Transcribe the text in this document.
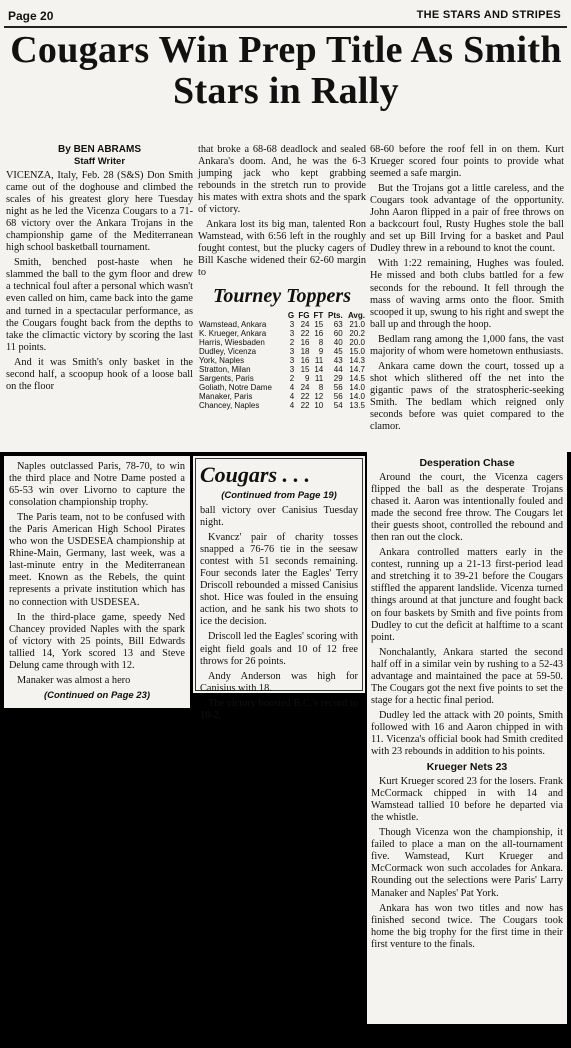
Page 20	THE STARS AND STRIPES
Cougars Win Prep Title As Smith Stars in Rally
By BEN ABRAMS
Staff Writer

VICENZA, Italy, Feb. 28 (S&S) Don Smith came out of the doghouse and climbed the scales of his greatest glory here Tuesday night as he led the Vicenza Cougars to a 71-68 victory over the Ankara Trojans in the championship game of the Mediterranean high school basketball tournament.

Smith, benched post-haste when he slammed the ball to the gym floor and drew a technical foul after a personal which wasn't even called on him, came back into the game and turned in a spectacular performance, as the Cougars fought back from the depths to take the climactic victory by scoring the last 11 points.

And it was Smith's only basket in the second half, a scoopup hook of a loose ball on the floor

that broke a 68-68 deadlock and sealed Ankara's doom. And, he was the 6-3 jumping jack who kept grabbing rebounds in the stretch run to provide his mates with extra shots and the spark of victory.

Ankara lost its big man, talented Ron Wamstead, with 6:56 left in the roughly fought contest, but the plucky cagers of Bill Kasche widened their 62-60 margin to

Tourney Toppers
	G	FG	FT	Pts.	Avg.
Wamstead, Ankara	3	24	15	63	21.0
K. Krueger, Ankara	3	22	16	60	20.2
Harris, Wiesbaden	2	16	8	40	20.0
Dudley, Vicenza	3	18	9	45	15.0
York, Naples	3	16	11	43	14.3
Stratton, Milan	3	15	14	44	14.7
Sargents, Paris	2	9	11	29	14.5
Goliath, Notre Dame	4	24	8	56	14.0
Manaker, Paris	4	22	12	56	14.0
Chancey, Naples	4	22	10	54	13.5

68-60 before the roof fell in on them. Kurt Krueger scored four points to provide what seemed a safe margin.

But the Trojans got a little careless, and the Cougars took advantage of the opportunity. John Aaron flipped in a pair of free throws on a backcourt foul, Rusty Hughes stole the ball and set up Bill Irving for a basket and Paul Dudley threw in a rebound to knot the count.

With 1:22 remaining, Hughes was fouled. He missed and both clubs battled for a few seconds for the rebound. It fell through the mass of waving arms onto the floor. Smith scooped it up, swung to his right and swept the ball up and through the hoop.

Bedlam rang among the 1,000 fans, the vast majority of whom were hometown enthusiasts.

Ankara came down the court, tossed up a shot which slithered off the net into the gigantic paws of the stratospheric-seeking Smith. The bedlam which reigned only seconds before was quiet compared to the clamor.

Naples outclassed Paris, 78-70, to win the third place and Notre Dame posted a 65-53 win over Livorno to capture the consolation championship trophy.

The Paris team, not to be confused with the Paris American High School Pirates who won the USDESEA championship at Rhine-Main, Germany, last week, was a last-minute entry in the Mediterranean meet. Known as the Rebels, the quint represents a private institution which has no connection with USDESEA.

In the third-place game, speedy Ned Chancey provided Naples with the spark of victory with 25 points, Bill Edwards tallied 14, York scored 13 and Steve Delung came through with 12.

Manaker was almost a hero

(Continued on Page 23)
Cougars . . .
(Continued from Page 19)

ball victory over Canisius Tuesday night.

Kvancz' pair of charity tosses snapped a 76-76 tie in the seesaw contest with 51 seconds remaining. Four seconds later the Eagles' Terry Driscoll rebounded a missed Canisius shot. Hice was fouled in the ensuing action, and he sank his two shots to ice the decision.

Driscoll led the Eagles' scoring with eight field goals and 10 of 12 free throws for 26 points.

Andy Anderson was high for Canisius with 18.

The victory boosted B.C.'s record to 18-2.

Desperation Chase

Around the court, the Vicenza cagers flipped the ball as the desperate Trojans chased it. Aaron was intentionally fouled and made the second free throw. The Cougars let their guests shoot, controlled the rebound and then ran out the clock.

Ankara controlled matters early in the contest, running up a 21-13 first-period lead and stretching it to 39-21 before the Cougars stiffled the apparent landslide. Vicenza turned things around at that juncture and fought back on four baskets by Smith and five points from Dudley to cut the deficit at halftime to a scant point.

Nonchalantly, Ankara started the second half off in a similar vein by rushing to a 52-43 advantage and maintained the pace at 59-50. The Cougars got the next five points to set the stage for a hectic final period.

Dudley led the attack with 20 points, Smith followed with 16 and Aaron chipped in with 11. Vicenza's official book had Smith credited with 23 rebounds in addition to his points.

Krueger Nets 23

Kurt Krueger scored 23 for the losers. Frank McCormack chipped in with 14 and Wamstead tallied 10 before he departed via the whistle.

Though Vicenza won the championship, it failed to place a man on the all-tournament five. Wamstead, Kurt Krueger and McCormack won such accolades for Ankara. Rounding out the selections were Paris' Larry Manaker and Naples' Pat York.

Ankara has won two titles and now has finished second twice. The Cougars took home the big trophy for the first time in their first venture to the finals.
